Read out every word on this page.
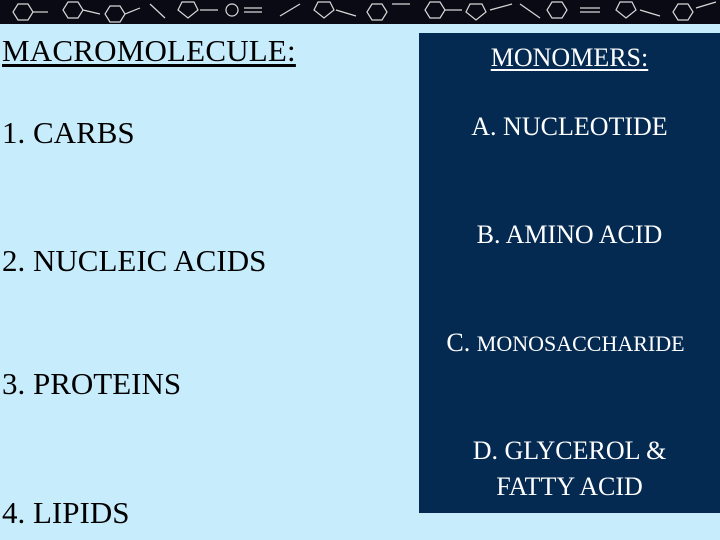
MACROMOLECULE:
1. CARBS
2. NUCLEIC ACIDS
3. PROTEINS
4. LIPIDS
MONOMERS:
A. NUCLEOTIDE
B. AMINO ACID
C. MONOSACCHARIDE
D. GLYCEROL &
FATTY ACID
